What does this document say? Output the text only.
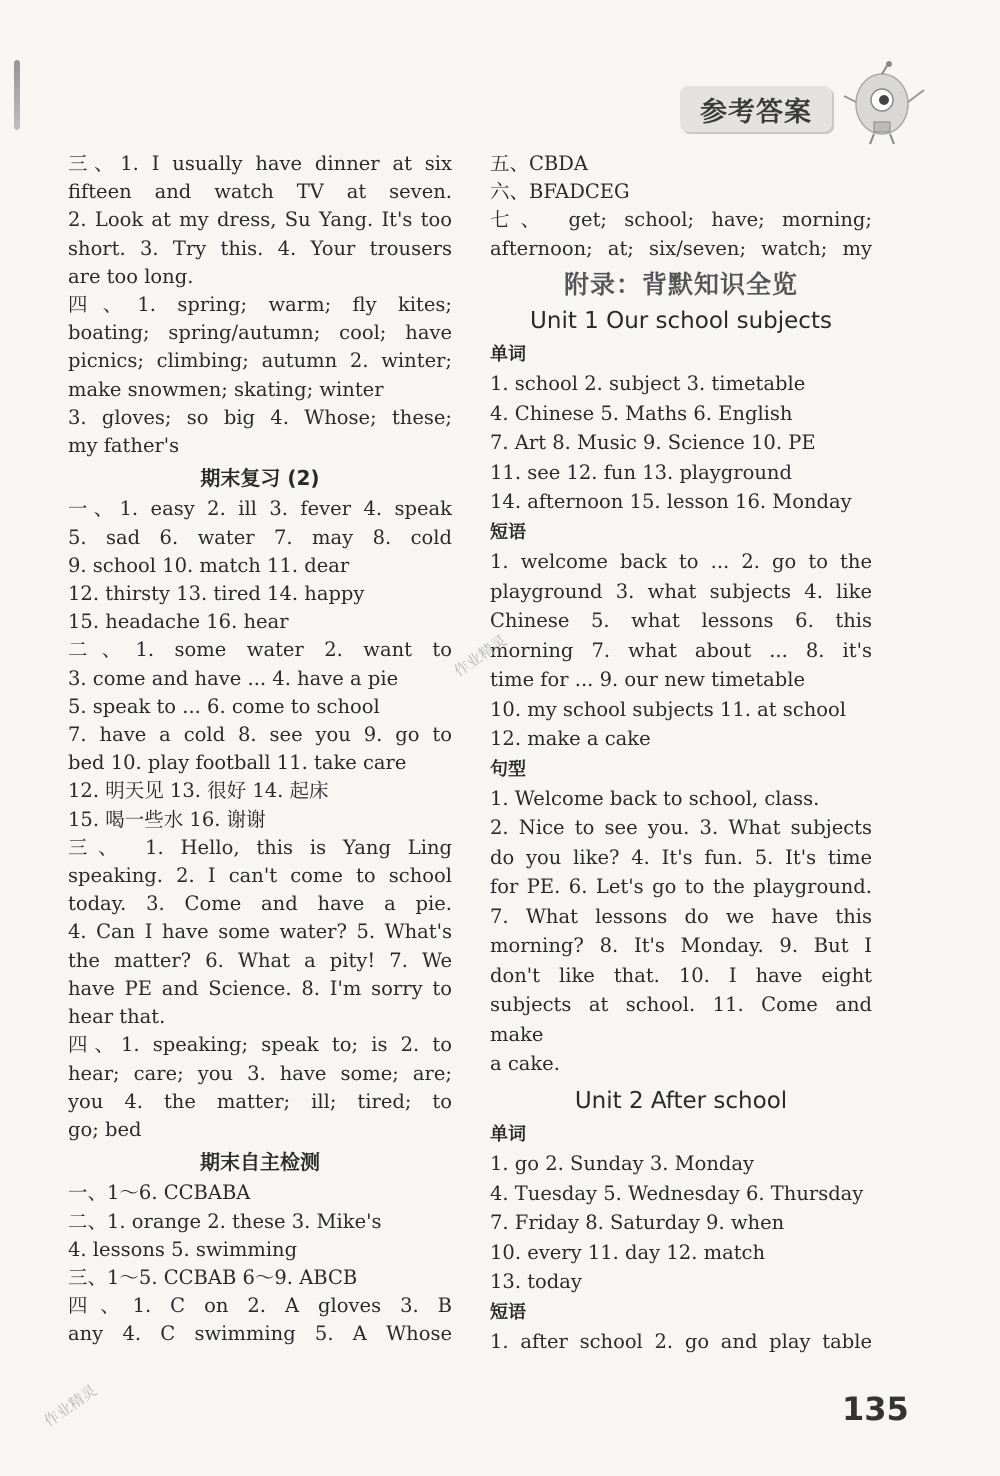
参考答案
三、1. I usually have dinner at six
fifteen and watch TV at seven.
2. Look at my dress, Su Yang. It's too
short. 3. Try this. 4. Your trousers
are too long.
四、1. spring; warm; fly kites;
boating; spring/autumn; cool; have
picnics; climbing; autumn 2. winter;
make snowmen; skating; winter
3. gloves; so big 4. Whose; these;
my father's
期末复习 (2)
一、1. easy 2. ill 3. fever 4. speak
5. sad 6. water 7. may 8. cold
9. school 10. match 11. dear
12. thirsty 13. tired 14. happy
15. headache 16. hear
二、1. some water 2. want to
3. come and have ... 4. have a pie
5. speak to ... 6. come to school
7. have a cold 8. see you 9. go to
bed 10. play football 11. take care
12. 明天见 13. 很好 14. 起床
15. 喝一些水 16. 谢谢
三、 1. Hello, this is Yang Ling
speaking. 2. I can't come to school
today. 3. Come and have a pie.
4. Can I have some water? 5. What's
the matter? 6. What a pity! 7. We
have PE and Science. 8. I'm sorry to
hear that.
四、1. speaking; speak to; is 2. to
hear; care; you 3. have some; are;
you 4. the matter; ill; tired; to
go; bed
期末自主检测
一、1～6. CCBABA
二、1. orange 2. these 3. Mike's
4. lessons 5. swimming
三、1～5. CCBAB 6～9. ABCB
四、1. C on 2. A gloves 3. B
any 4. C swimming 5. A Whose
五、CBDA
六、BFADCEG
七、 get; school; have; morning;
afternoon; at; six/seven; watch; my
附录：背默知识全览
Unit 1 Our school subjects
单词
1. school 2. subject 3. timetable
4. Chinese 5. Maths 6. English
7. Art 8. Music 9. Science 10. PE
11. see 12. fun 13. playground
14. afternoon 15. lesson 16. Monday
短语
1. welcome back to ... 2. go to the
playground 3. what subjects 4. like
Chinese 5. what lessons 6. this
morning 7. what about ... 8. it's
time for ... 9. our new timetable
10. my school subjects 11. at school
12. make a cake
句型
1. Welcome back to school, class.
2. Nice to see you. 3. What subjects
do you like? 4. It's fun. 5. It's time
for PE. 6. Let's go to the playground.
7. What lessons do we have this
morning? 8. It's Monday. 9. But I
don't like that. 10. I have eight
subjects at school. 11. Come and make
a cake.
Unit 2 After school
单词
1. go 2. Sunday 3. Monday
4. Tuesday 5. Wednesday 6. Thursday
7. Friday 8. Saturday 9. when
10. every 11. day 12. match
13. today
短语
1. after school 2. go and play table
作业精灵
作业精灵	135
